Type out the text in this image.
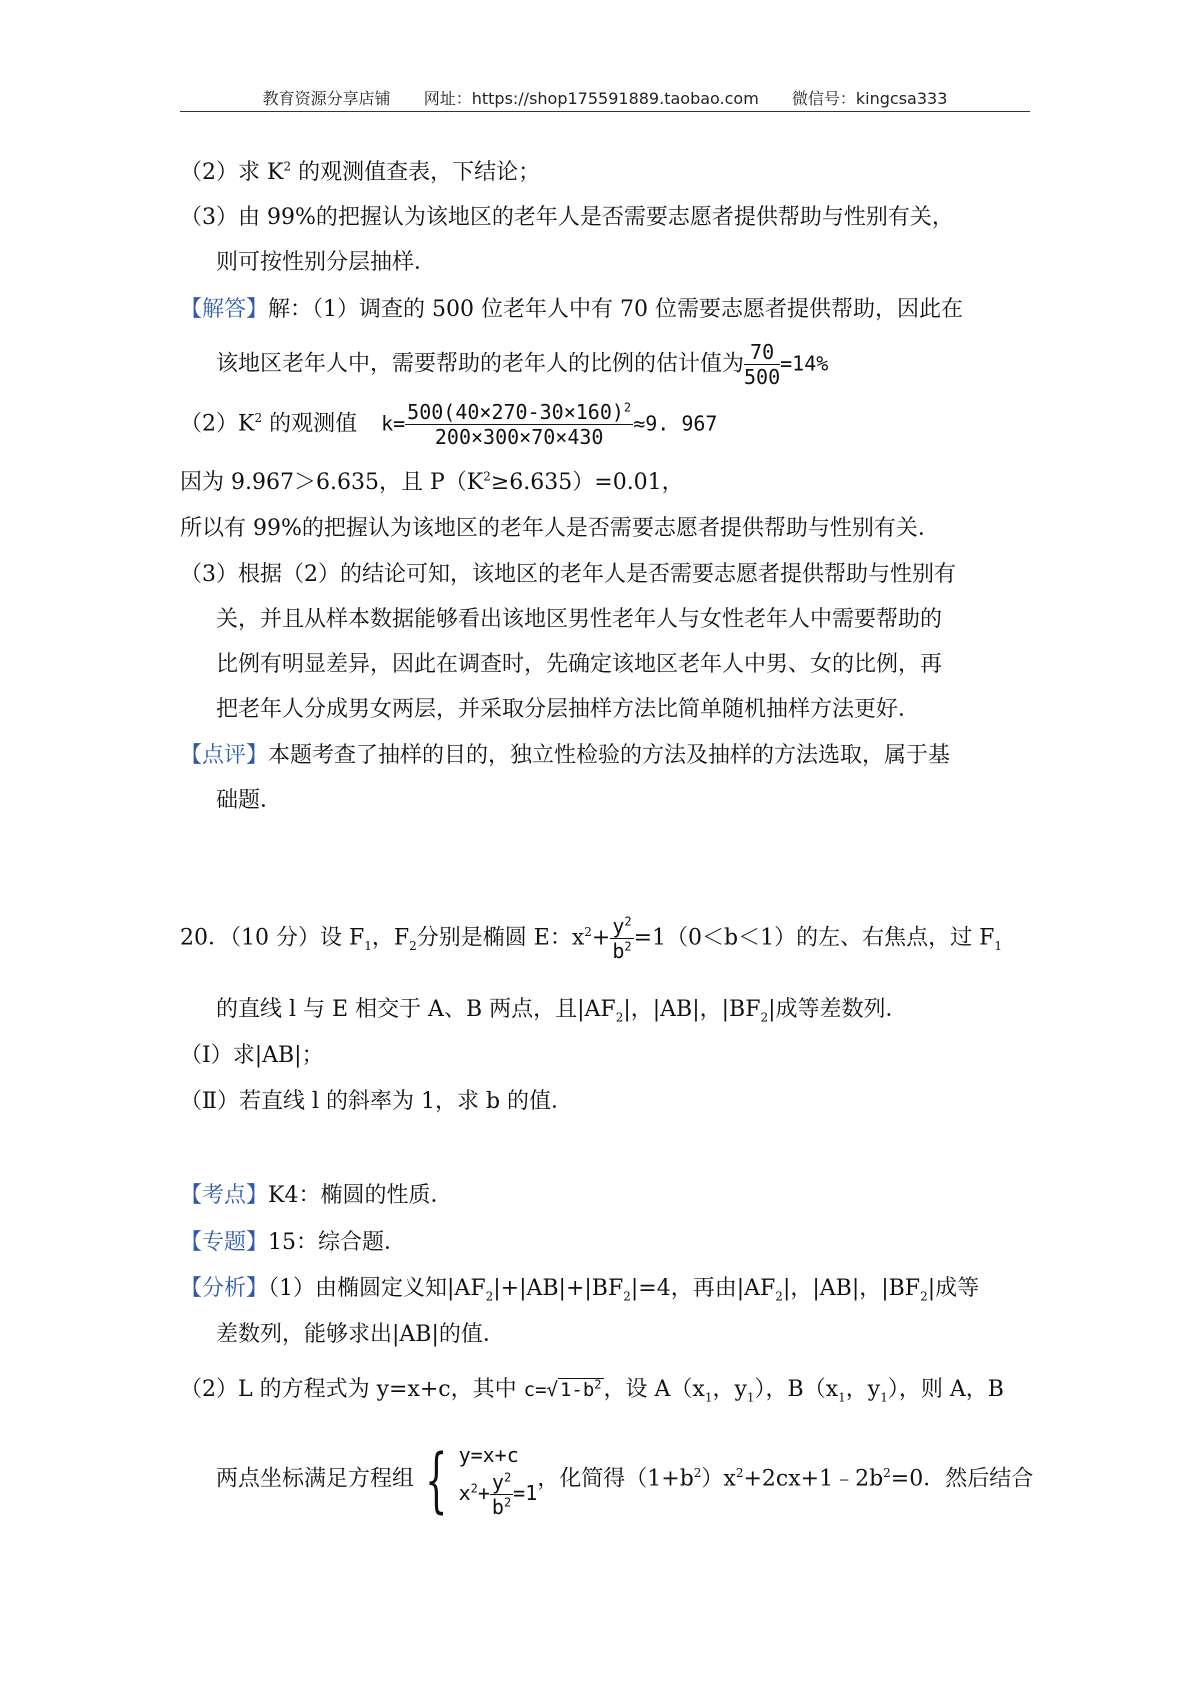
教育资源分享店铺 网址：https://shop175591889.taobao.com 微信号：kingcsa333
（2）求 $K^2$ 的观测值查表，下结论；
（3）由 99%的把握认为该地区的老年人是否需要志愿者提供帮助与性别有关，
则可按性别分层抽样．
【解答】解：（1）调查的 500 位老年人中有 70 位需要志愿者提供帮助，因此在
该地区老年人中，需要帮助的老年人的比例的估计值为 $\frac{70}{500} =14\%$
$(2)K^2$ 的观测值 $k= \frac{500(40\times 270-30\times 160)^2}{200\times 300\times 70\times 430} \approx 9$. 967
因为 9.967＞6.635，且 $P(K^2\ge 6.635)=0.01$，
所以有 99%的把握认为该地区的老年人是否需要志愿者提供帮助与性别有关．
（3）根据（2）的结论可知，该地区的老年人是否需要志愿者提供帮助与性别有
关，并且从样本数据能够看出该地区男性老年人与女性老年人中需要帮助的
比例有明显差异，因此在调查时，先确定该地区老年人中男、女的比例，再
把老年人分成男女两层，并采取分层抽样方法比简单随机抽样方法更好．
【点评】本题考查了抽样的目的，独立性检验的方法及抽样的方法选取，属于基
础题．
20．（10 分）设 $F_1$，$F_2$分别是椭圆 E：$x^2+ \frac{y^2}{b^2} =1(0<b<1)$的左、右焦点，过 $F_1$
的直线 l 与 E 相交于 A、B 两点，且$|AF_2|$，|AB|，$|BF_2|$成等差数列．
（Ⅰ）求|AB|；
（Ⅱ）若直线 l 的斜率为 1，求 b 的值．
【考点】K4：椭圆的性质．
【专题】15：综合题．
【分析】（1）由椭圆定义知$|AF_2|+|AB|+|BF_2|=4$，再由$|AF_2|$，|AB|，$|BF_2|$成等
差数列，能够求出|AB|的值．
（2）L 的方程式为 y=x+c，其中 c=√ $1-b^2$，设 $A(x_1$，$y_1$），$B(x_1$，$y_1$），则 A，B
两点坐标满足方程组 { y=x+c
$x^2+ \frac{y^2}{b^2} =1$
，化简得$(1+b^2)x^2+2cx+1﹣2b^2=0$．然后结合
